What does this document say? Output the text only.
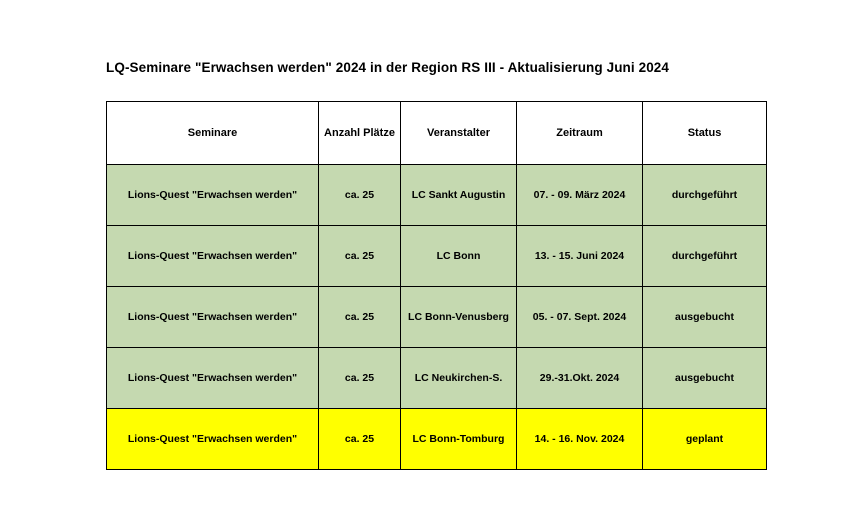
LQ-Seminare "Erwachsen werden" 2024 in der Region RS III - Aktualisierung Juni 2024
Seminare	Anzahl Plätze	Veranstalter	Zeitraum	Status
Lions-Quest "Erwachsen werden"	ca. 25	LC Sankt Augustin	07. - 09. März 2024	durchgeführt
Lions-Quest "Erwachsen werden"	ca. 25	LC Bonn	13. - 15. Juni 2024	durchgeführt
Lions-Quest "Erwachsen werden"	ca. 25	LC Bonn-Venusberg	05. - 07. Sept. 2024	ausgebucht
Lions-Quest "Erwachsen werden"	ca. 25	LC Neukirchen-S.	29.-31.Okt. 2024	ausgebucht
Lions-Quest "Erwachsen werden"	ca. 25	LC Bonn-Tomburg	14. - 16. Nov. 2024	geplant
